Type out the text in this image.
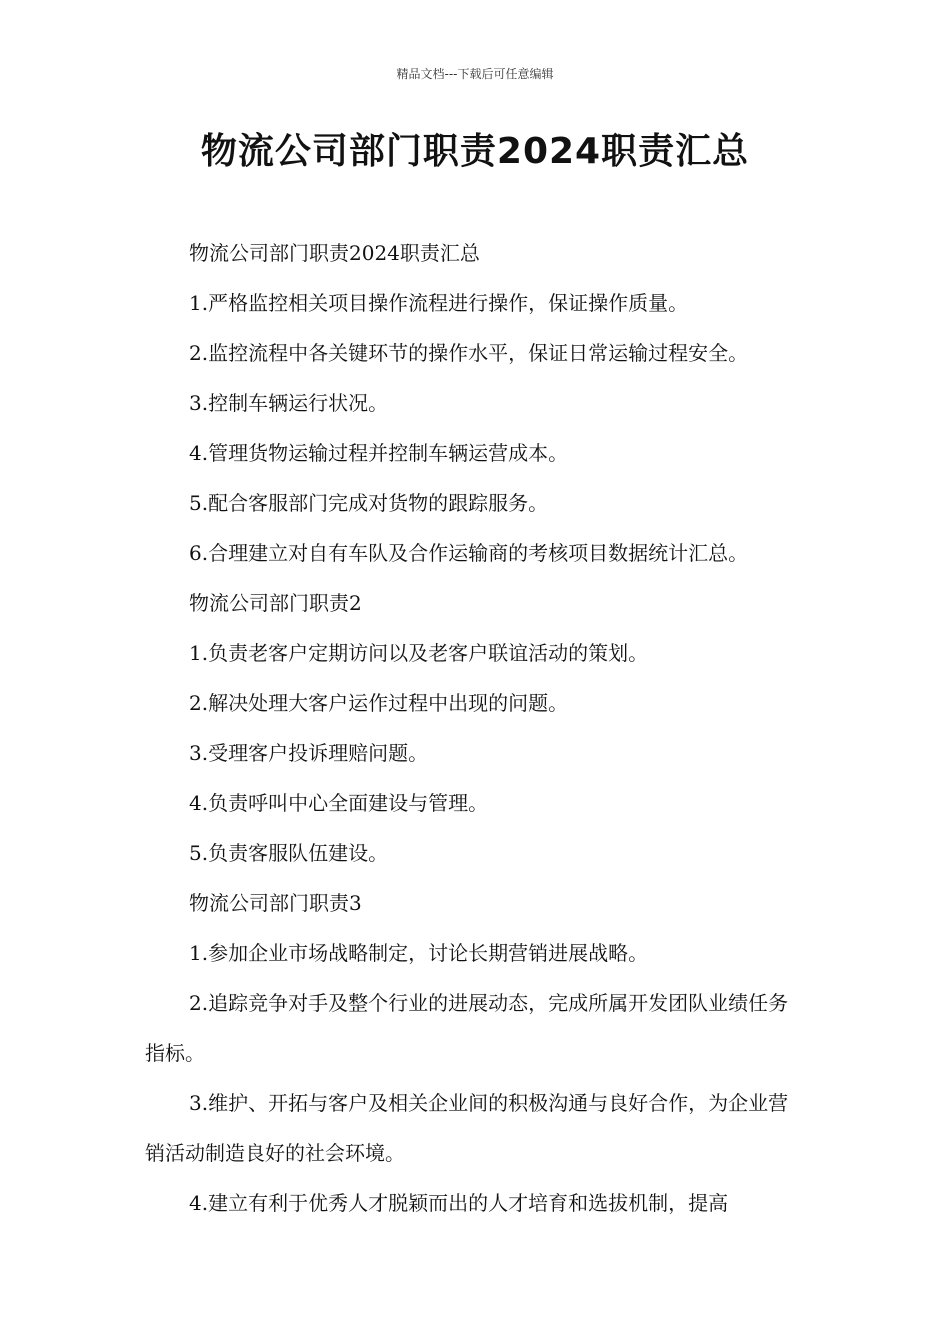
精品文档---下载后可任意编辑
物流公司部门职责2024职责汇总

物流公司部门职责2024职责汇总

1.严格监控相关项目操作流程进行操作，保证操作质量。

2.监控流程中各关键环节的操作水平，保证日常运输过程安全。

3.控制车辆运行状况。

4.管理货物运输过程并控制车辆运营成本。

5.配合客服部门完成对货物的跟踪服务。

6.合理建立对自有车队及合作运输商的考核项目数据统计汇总。

物流公司部门职责2

1.负责老客户定期访问以及老客户联谊活动的策划。

2.解决处理大客户运作过程中出现的问题。

3.受理客户投诉理赔问题。

4.负责呼叫中心全面建设与管理。

5.负责客服队伍建设。

物流公司部门职责3

1.参加企业市场战略制定，讨论长期营销进展战略。

2.追踪竞争对手及整个行业的进展动态，完成所属开发团队业绩任务指标。

3.维护、开拓与客户及相关企业间的积极沟通与良好合作，为企业营销活动制造良好的社会环境。

4.建立有利于优秀人才脱颖而出的人才培育和选拔机制，提高
